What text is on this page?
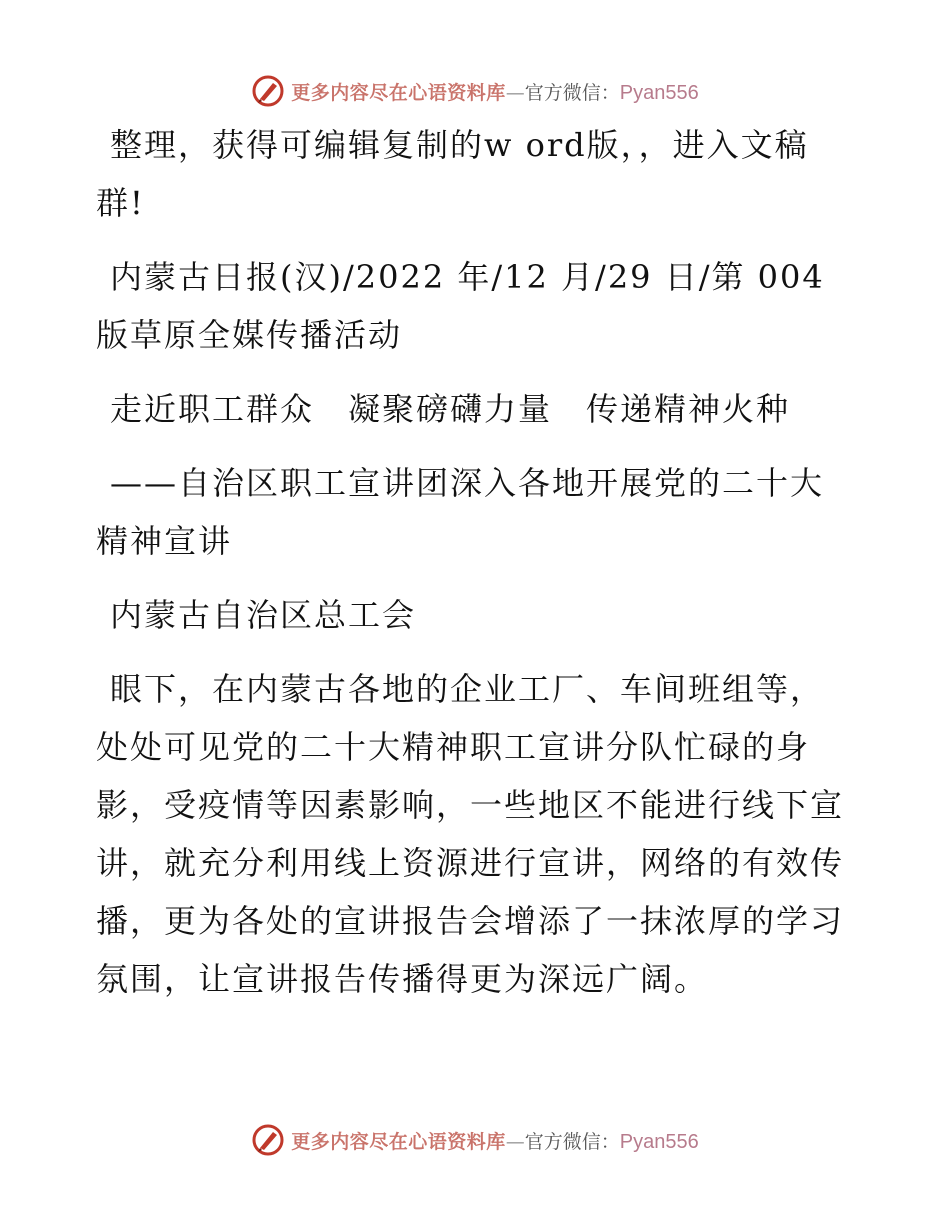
更多内容尽在心语资料库—官方微信：Pyan556

整理，获得可编辑复制的w ord版，，进入文稿群!

内蒙古日报(汉)/2022 年/12 月/29 日/第 004 版草原全媒传播活动

走近职工群众　凝聚磅礴力量　传递精神火种

——自治区职工宣讲团深入各地开展党的二十大精神宣讲

内蒙古自治区总工会

眼下，在内蒙古各地的企业工厂、车间班组等，处处可见党的二十大精神职工宣讲分队忙碌的身影，受疫情等因素影响，一些地区不能进行线下宣讲，就充分利用线上资源进行宣讲，网络的有效传播，更为各处的宣讲报告会增添了一抹浓厚的学习氛围，让宣讲报告传播得更为深远广阔。

更多内容尽在心语资料库—官方微信：Pyan556
